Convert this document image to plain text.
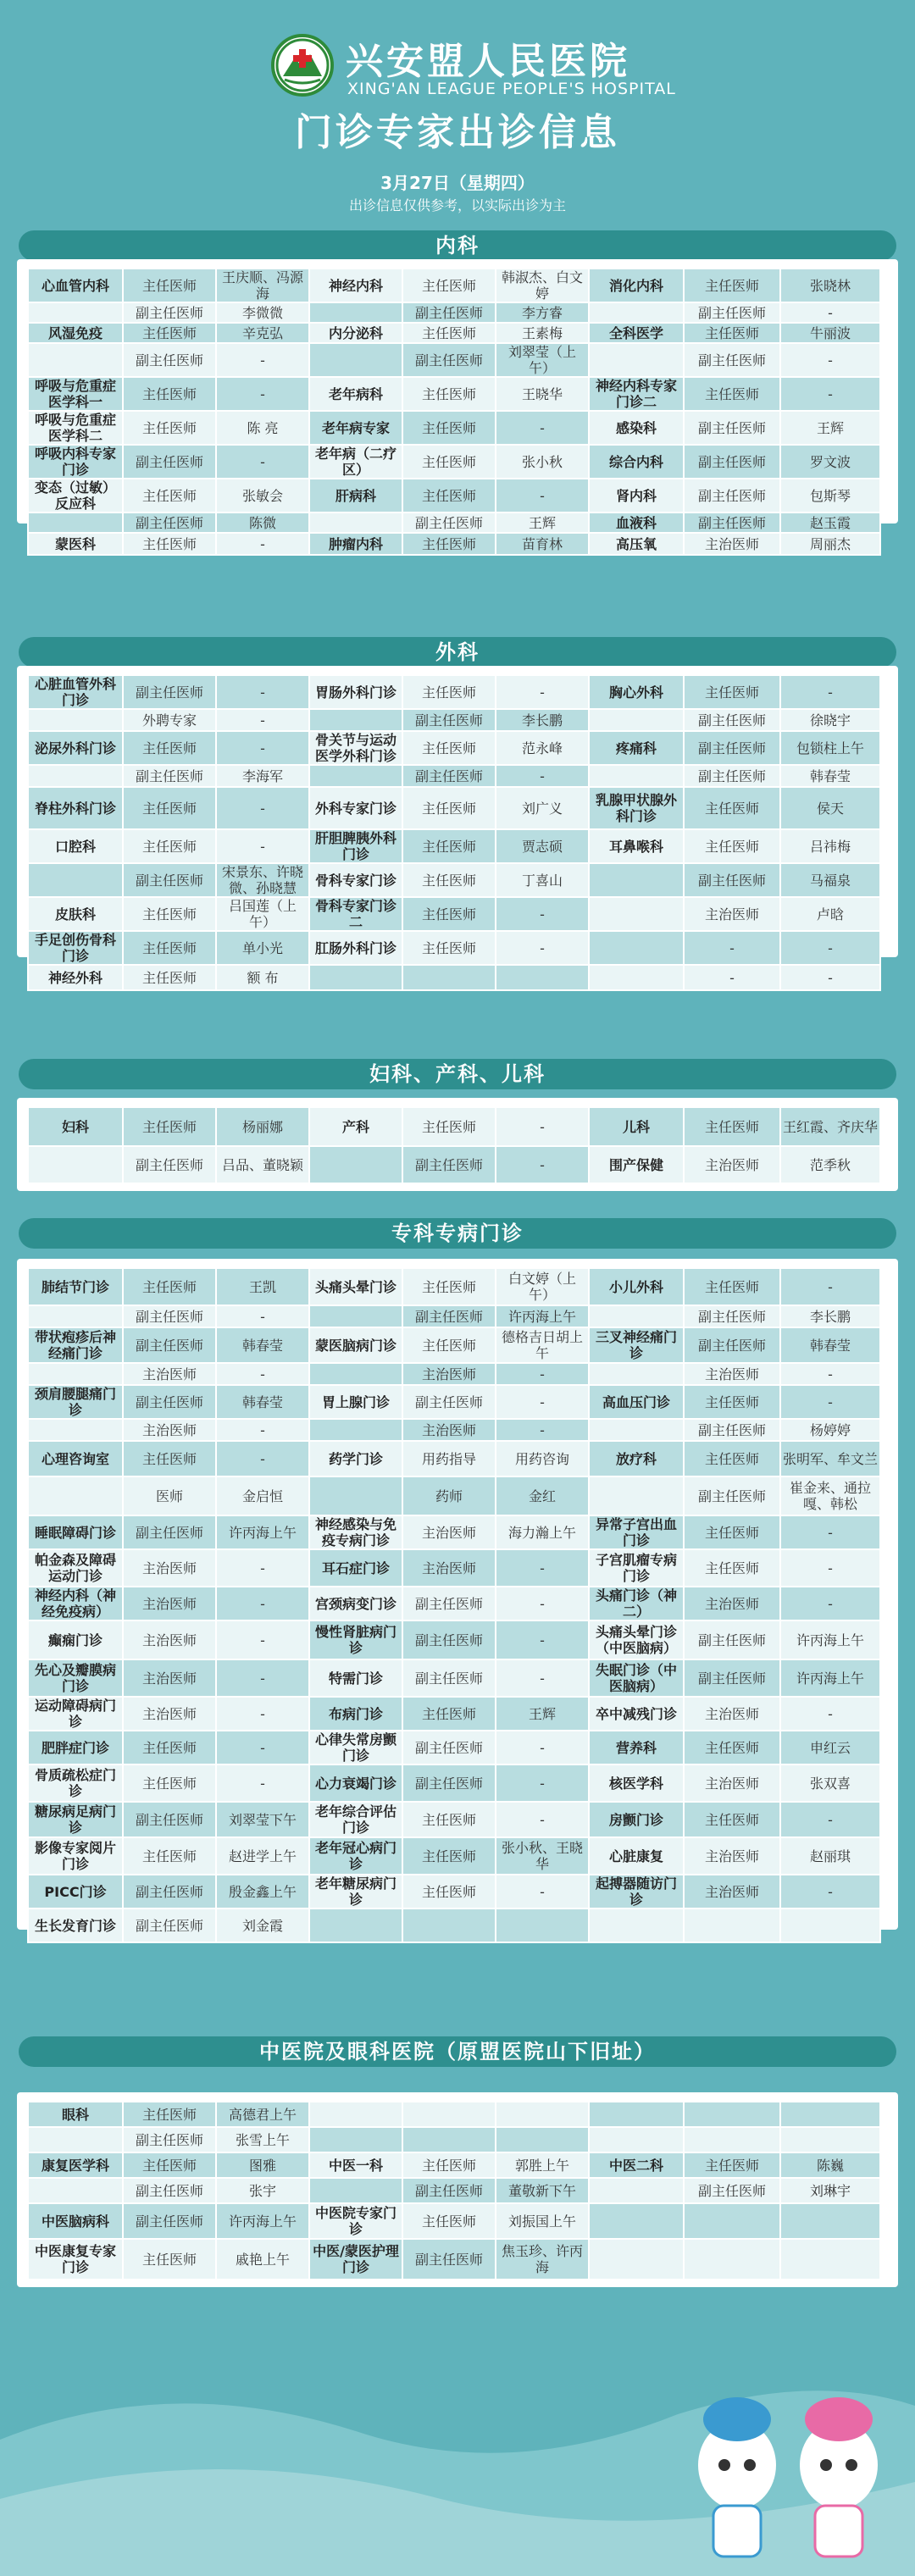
兴安盟人民医院
XING'AN LEAGUE PEOPLE'S HOSPITAL
门诊专家出诊信息
3月27日（星期四）
出诊信息仅供参考，以实际出诊为主
内科
心血管内科	主任医师	王庆顺、冯源海	神经内科	主任医师	韩淑杰、白文婷	消化内科	主任医师	张晓林
	副主任医师	李微微		副主任医师	李方睿		副主任医师	-
风湿免疫	主任医师	辛克弘	内分泌科	主任医师	王素梅	全科医学	主任医师	牛丽波
	副主任医师	-		副主任医师	刘翠莹（上午）		副主任医师	-
呼吸与危重症医学科一	主任医师	-	老年病科	主任医师	王晓华	神经内科专家门诊二	主任医师	-
呼吸与危重症医学科二	主任医师	陈 亮	老年病专家	主任医师	-	感染科	副主任医师	王辉
呼吸内科专家门诊	副主任医师	-	老年病（二疗区）	主任医师	张小秋	综合内科	副主任医师	罗文波
变态（过敏）反应科	主任医师	张敏会	肝病科	主任医师	-	肾内科	副主任医师	包斯琴
	副主任医师	陈微		副主任医师	王辉	血液科	副主任医师	赵玉霞
蒙医科	主任医师	-	肿瘤内科	主任医师	苗育林	高压氧	主治医师	周丽杰
外科
心脏血管外科门诊	副主任医师	-	胃肠外科门诊	主任医师	-	胸心外科	主任医师	-
	外聘专家	-		副主任医师	李长鹏		副主任医师	徐晓宇
泌尿外科门诊	主任医师	-	骨关节与运动医学外科门诊	主任医师	范永峰	疼痛科	副主任医师	包锁柱上午
	副主任医师	李海军		副主任医师	-		副主任医师	韩春莹
脊柱外科门诊	主任医师	-	外科专家门诊	主任医师	刘广义	乳腺甲状腺外科门诊	主任医师	侯天
口腔科	主任医师	-	肝胆脾胰外科门诊	主任医师	贾志硕	耳鼻喉科	主任医师	吕祎梅
	副主任医师	宋景东、许晓微、孙晓慧	骨科专家门诊	主任医师	丁喜山		副主任医师	马福泉
皮肤科	主任医师	吕国莲（上午）	骨科专家门诊二	主任医师	-		主治医师	卢晗
手足创伤骨科门诊	主任医师	单小光	肛肠外科门诊	主任医师	-		-	-
神经外科	主任医师	额 布					-	-
妇科、产科、儿科
妇科	主任医师	杨丽娜	产科	主任医师	-	儿科	主任医师	王红霞、齐庆华
	副主任医师	吕品、董晓颖		副主任医师	-	围产保健	主治医师	范季秋
专科专病门诊
肺结节门诊	主任医师	王凯	头痛头晕门诊	主任医师	白文婷（上午）	小儿外科	主任医师	-
	副主任医师	-		副主任医师	许丙海上午		副主任医师	李长鹏
带状疱疹后神经痛门诊	副主任医师	韩春莹	蒙医脑病门诊	主任医师	德格吉日胡上午	三叉神经痛门诊	副主任医师	韩春莹
	主治医师	-		主治医师	-		主治医师	-
颈肩腰腿痛门诊	副主任医师	韩春莹	胃上腺门诊	副主任医师	-	高血压门诊	主任医师	-
	主治医师	-		主治医师	-		副主任医师	杨婷婷
心理咨询室	主任医师	-	药学门诊	用药指导	用药咨询	放疗科	主任医师	张明军、牟文兰
	医师	金启恒		药师	金红		副主任医师	崔金来、通拉嘎、韩松
睡眠障碍门诊	副主任医师	许丙海上午	神经感染与免疫专病门诊	主治医师	海力瀚上午	异常子宫出血门诊	主任医师	-
帕金森及障碍运动门诊	主治医师	-	耳石症门诊	主治医师	-	子宫肌瘤专病门诊	主任医师	-
神经内科（神经免疫病）	主治医师	-	宫颈病变门诊	副主任医师	-	头痛门诊（神二）	主治医师	-
癫痫门诊	主治医师	-	慢性肾脏病门诊	副主任医师	-	头痛头晕门诊（中医脑病）	副主任医师	许丙海上午
先心及瓣膜病门诊	主治医师	-	特需门诊	副主任医师	-	失眠门诊（中医脑病）	副主任医师	许丙海上午
运动障碍病门诊	主治医师	-	布病门诊	主任医师	王辉	卒中减残门诊	主治医师	-
肥胖症门诊	主任医师	-	心律失常房颤门诊	副主任医师	-	营养科	主任医师	申红云
骨质疏松症门诊	主任医师	-	心力衰竭门诊	副主任医师	-	核医学科	主治医师	张双喜
糖尿病足病门诊	副主任医师	刘翠莹下午	老年综合评估门诊	主任医师	-	房颤门诊	主任医师	-
影像专家阅片门诊	主任医师	赵进学上午	老年冠心病门诊	主任医师	张小秋、王晓华	心脏康复	主治医师	赵丽琪
PICC门诊	副主任医师	殷金鑫上午	老年糖尿病门诊	主任医师	-	起搏器随访门诊	主治医师	-
生长发育门诊	副主任医师	刘金霞						
中医院及眼科医院（原盟医院山下旧址）
眼科	主任医师	高德君上午						
	副主任医师	张雪上午						
康复医学科	主任医师	图雅	中医一科	主任医师	郭胜上午	中医二科	主任医师	陈巍
	副主任医师	张宇		副主任医师	董敬新下午		副主任医师	刘琳宇
中医脑病科	副主任医师	许丙海上午	中医院专家门诊	主任医师	刘振国上午			
中医康复专家门诊	主任医师	戚艳上午	中医/蒙医护理门诊	副主任医师	焦玉珍、许丙海			
